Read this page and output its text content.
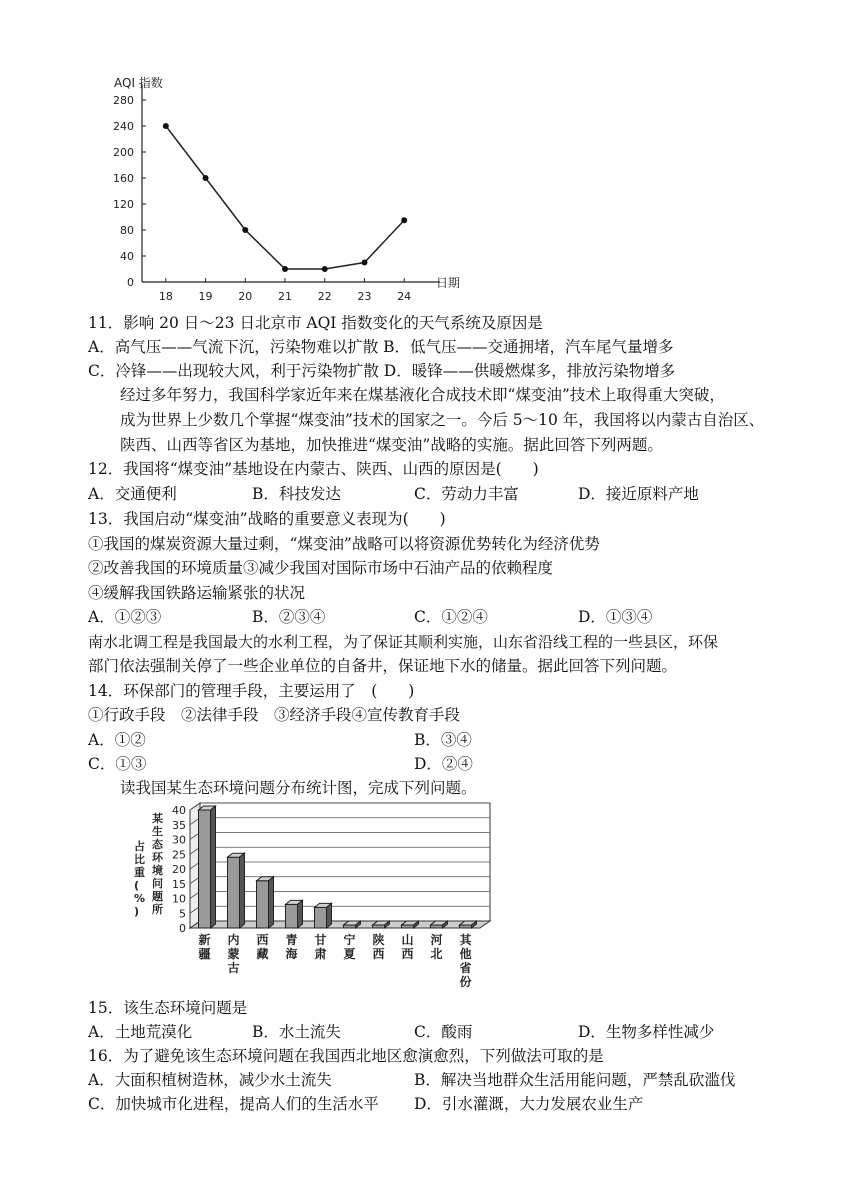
AQI 指数
日期
0
40
80
120
160
200
240
280
18 19 20 21 22 23 24
11．影响 20 日～23 日北京市 AQI 指数变化的天气系统及原因是
A．高气压——气流下沉，污染物难以扩散 B．低气压——交通拥堵，汽车尾气量增多
C．冷锋——出现较大风，利于污染物扩散 D．暖锋——供暖燃煤多，排放污染物增多
经过多年努力，我国科学家近年来在煤基液化合成技术即“煤变油”技术上取得重大突破，
成为世界上少数几个掌握“煤变油”技术的国家之一。今后 5～10 年，我国将以内蒙古自治区、
陕西、山西等省区为基地，加快推进“煤变油”战略的实施。据此回答下列两题。
12．我国将“煤变油”基地设在内蒙古、陕西、山西的原因是(　　)
A．交通便利	B．科技发达	C．劳动力丰富	D．接近原料产地
13．我国启动“煤变油”战略的重要意义表现为(　　)
①我国的煤炭资源大量过剩，“煤变油”战略可以将资源优势转化为经济优势
②改善我国的环境质量③减少我国对国际市场中石油产品的依赖程度
④缓解我国铁路运输紧张的状况
A．①②③	B．②③④	C．①②④	D．①③④
南水北调工程是我国最大的水利工程，为了保证其顺利实施，山东省沿线工程的一些县区，环保
部门依法强制关停了一些企业单位的自备井，保证地下水的储量。据此回答下列问题。
14．环保部门的管理手段，主要运用了　(　　)
①行政手段　②法律手段　③经济手段④宣传教育手段
A．①②	B．③④
C．①③	D．②④
读我国某生态环境问题分布统计图，完成下列问题。
0
5
10
15
20
25
30
35
40
占比重( % )
某生态环境问题所
新疆
内蒙古
西藏
青海
甘肃
宁夏
陕西
山西
河北
其他省份
15．该生态环境问题是
A．土地荒漠化	B．水土流失	C．酸雨	D．生物多样性减少
16．为了避免该生态环境问题在我国西北地区愈演愈烈，下列做法可取的是
A．大面积植树造林，减少水土流失	B．解决当地群众生活用能问题，严禁乱砍滥伐
C．加快城市化进程，提高人们的生活水平 D．引水灌溉，大力发展农业生产
